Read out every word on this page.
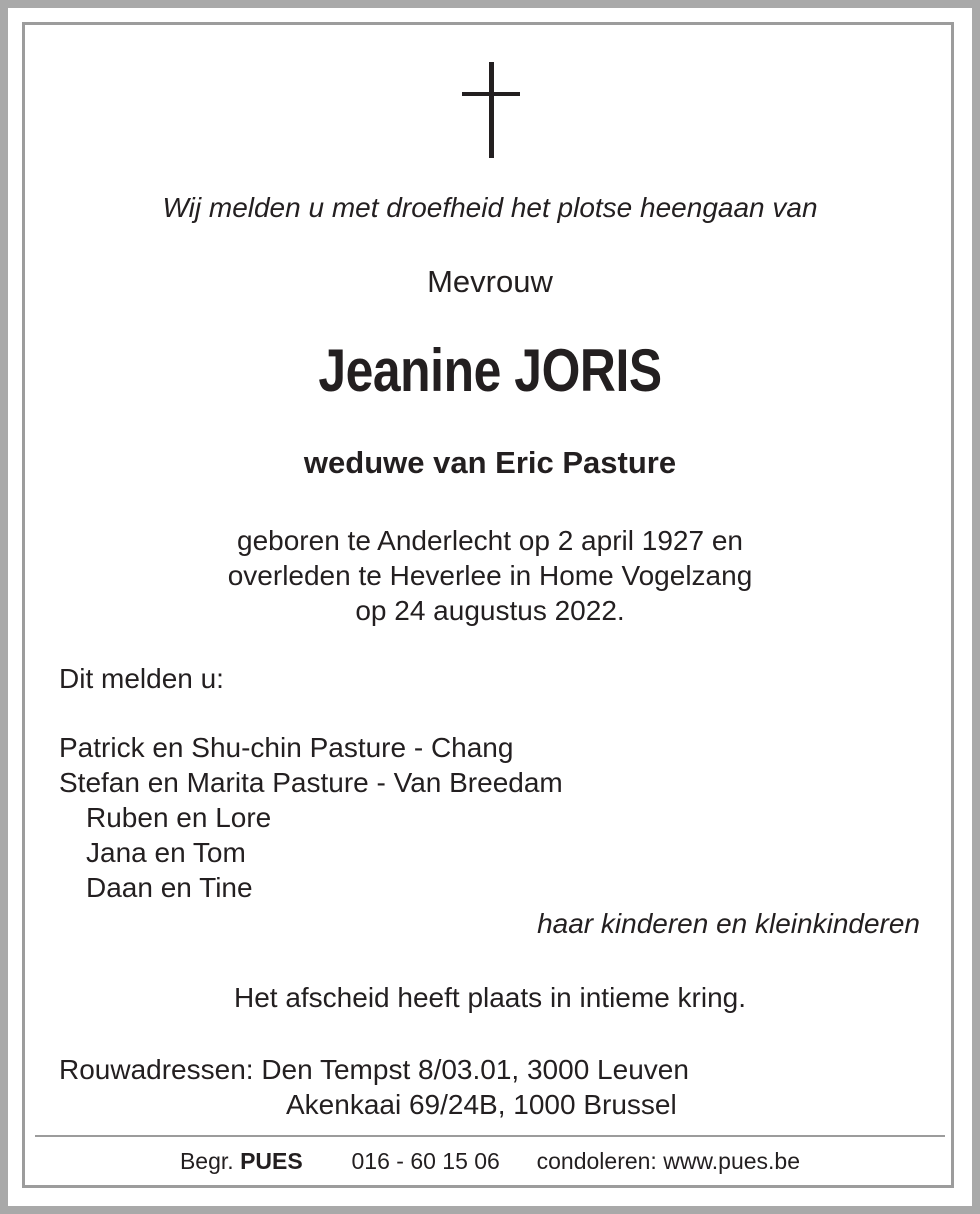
Wij melden u met droefheid het plotse heengaan van
Mevrouw
Jeanine JORIS
weduwe van Eric Pasture
geboren te Anderlecht op 2 april 1927 en
overleden te Heverlee in Home Vogelzang
op 24 augustus 2022.
Dit melden u:
Patrick en Shu-chin Pasture - Chang
Stefan en Marita Pasture - Van Breedam
Ruben en Lore
Jana en Tom
Daan en Tine
haar kinderen en kleinkinderen
Het afscheid heeft plaats in intieme kring.
Rouwadressen: Den Tempst 8/03.01, 3000 Leuven
Akenkaai 69/24B, 1000 Brussel
Begr. PUES 016 - 60 15 06 condoleren: www.pues.be
